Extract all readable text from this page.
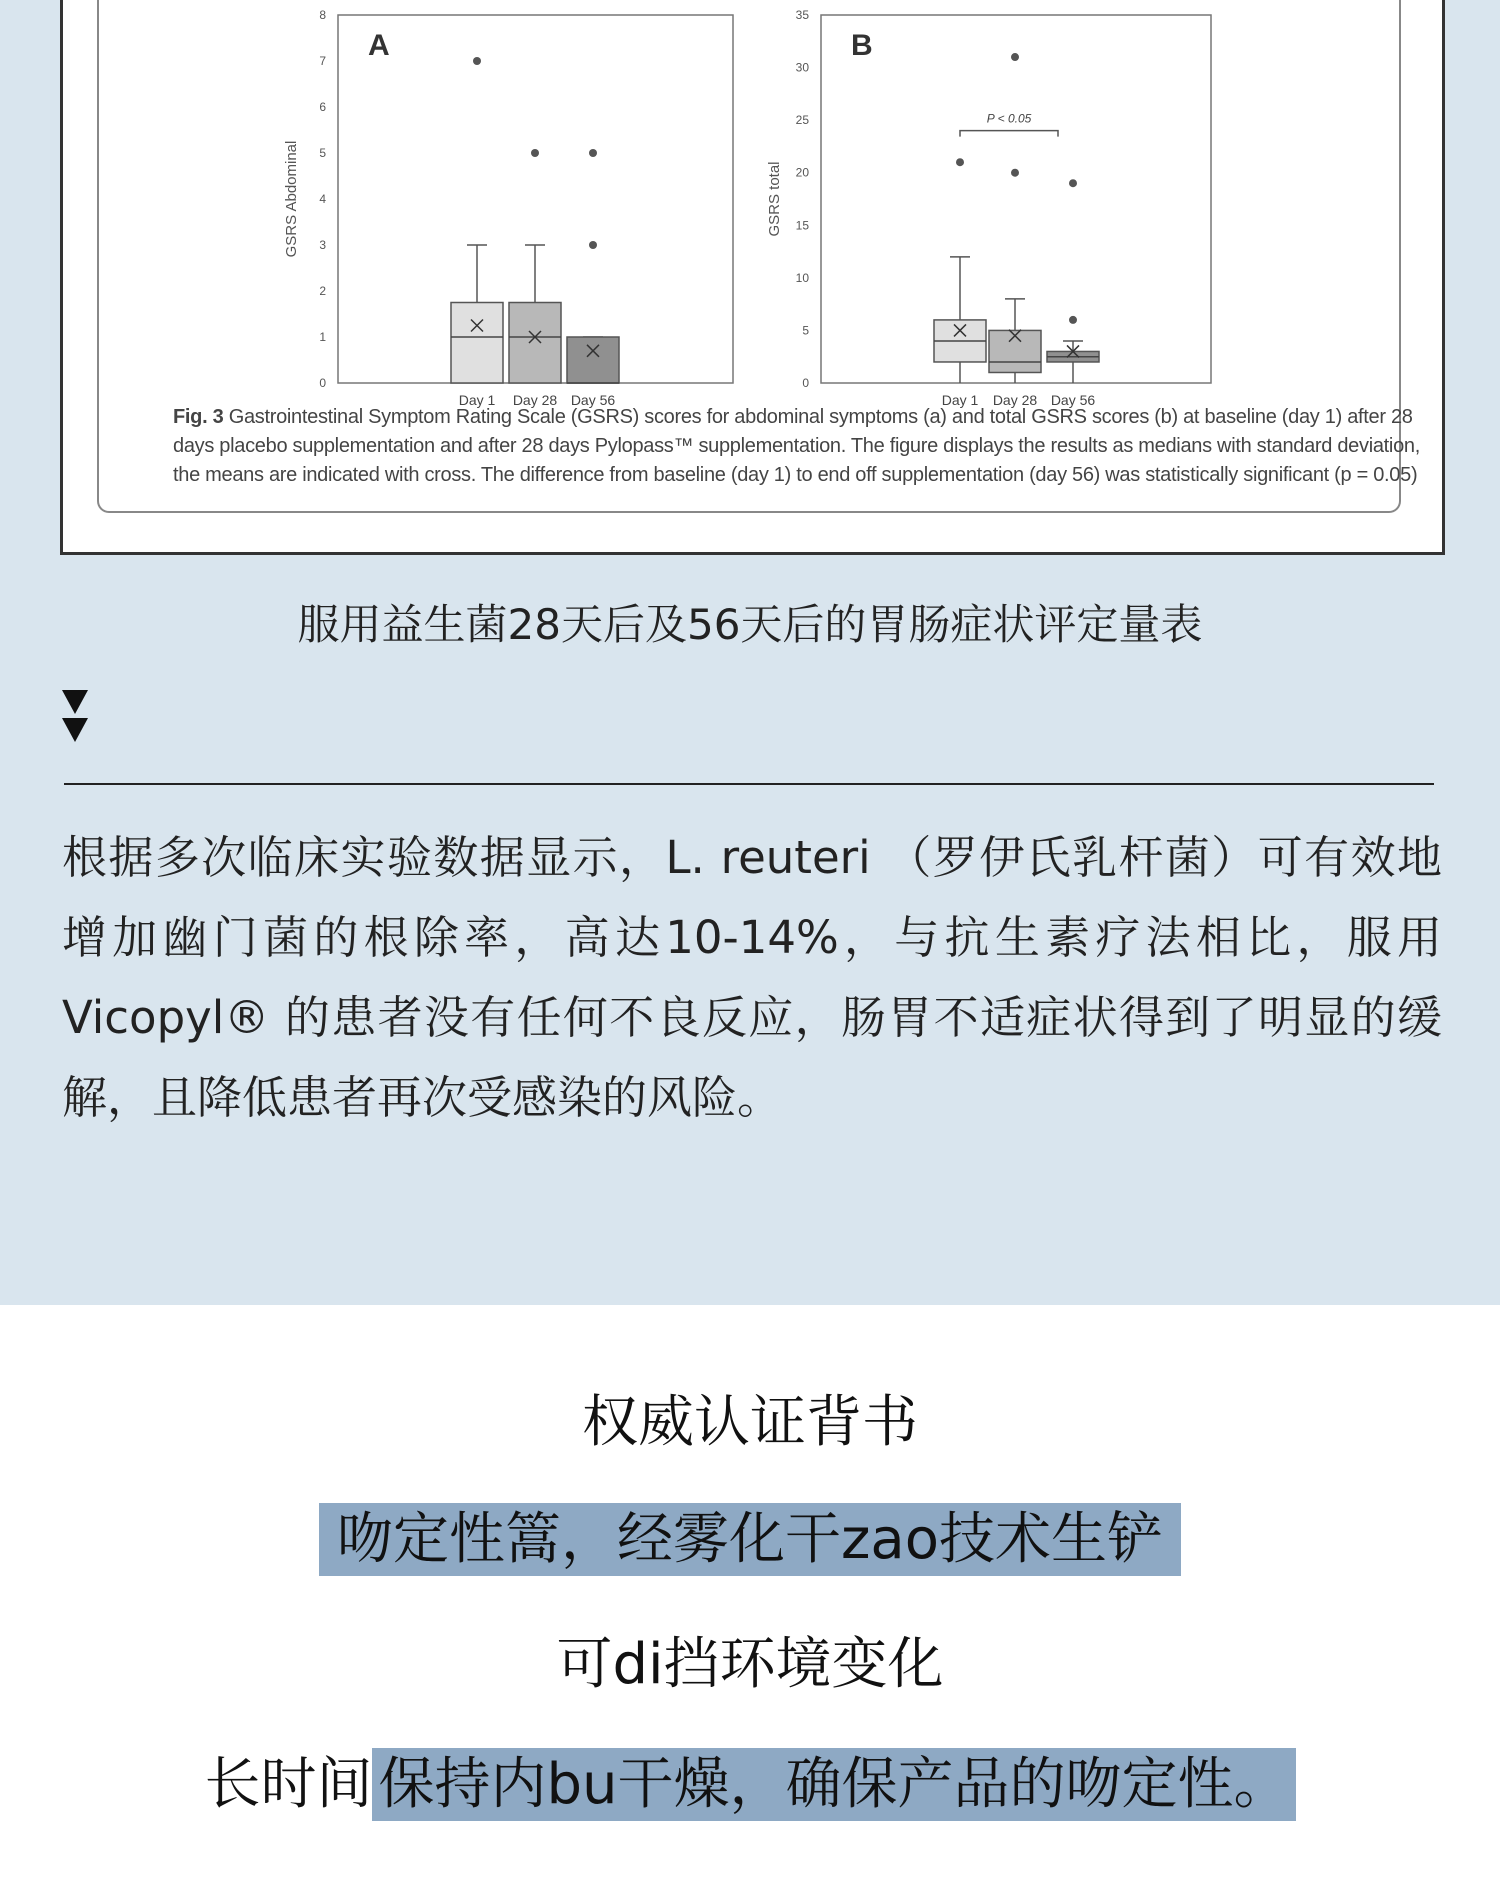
0
1
2
3
4
5
6
7
8
GSRS Abdominal
A
Day 1 Day 28 Day 56
0
5
10
15
20
25
30
35
GSRS total
B
Day 1 Day 28 Day 56
P < 0.05
Fig. 3 Gastrointestinal Symptom Rating Scale (GSRS) scores for abdominal symptoms (a) and total GSRS scores (b) at baseline (day 1) after 28
days placebo supplementation and after 28 days Pylopass™ supplementation. The figure displays the results as medians with standard deviation,
the means are indicated with cross. The difference from baseline (day 1) to end off supplementation (day 56) was statistically significant (p = 0.05)
服用益生菌28天后及56天后的胃肠症状评定量表
根据多次临床实验数据显示，L. reuteri （罗伊氏乳杆菌）可有效地增加幽门菌的根除率，高达10-14%，与抗生素疗法相比，服用Vicopyl® 的患者没有任何不良反应，肠胃不适症状得到了明显的缓解，且降低患者再次受感染的风险。
权威认证背书
吻定性篙，经雾化干zao技术生铲
可di挡环境变化
长时间 保持内bu干燥，确保产品的吻定性。
